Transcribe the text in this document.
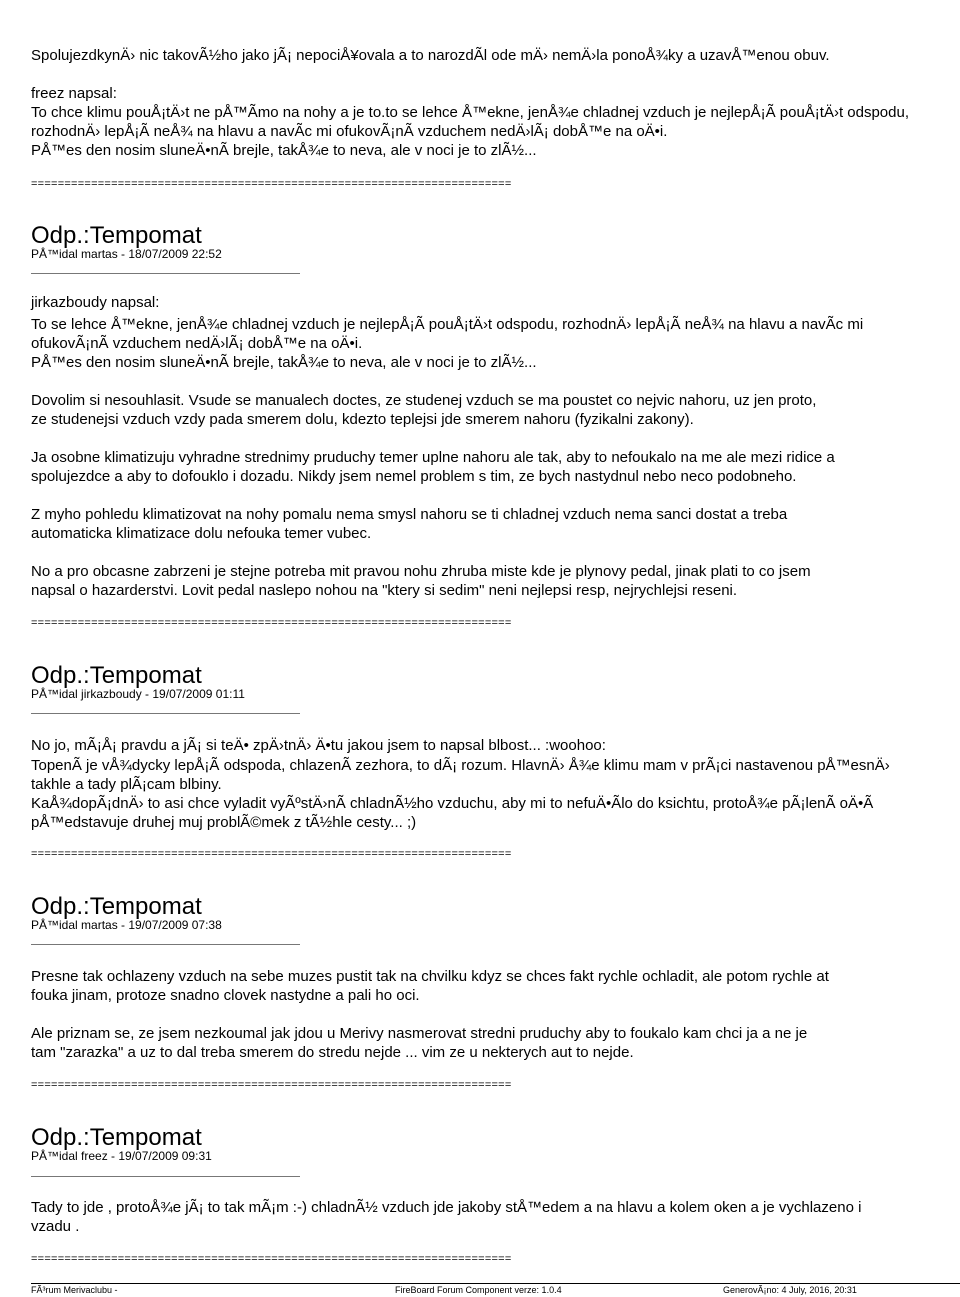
SpolujezdkynÄ› nic takovÃ½ho jako jÃ¡ nepociÅ¥ovala a to narozdÃl ode mÄ› nemÄ›la ponoÅ¾ky a uzavÅ™enou obuv.
freez napsal:
To chce klimu pouÅ¡tÄ›t ne pÅ™Ãmo na nohy a je to.to se lehce Å™ekne, jenÅ¾e chladnej vzduch je nejlepÅ¡Ã pouÅ¡tÄ›t odspodu,
rozhodnÄ› lepÅ¡Ã neÅ¾ na hlavu a navÃc mi ofukovÃ¡nÃ vzduchem nedÄ›lÃ¡ dobÅ™e na oÄ•i.
PÅ™es den nosim sluneÄ•nÃ brejle, takÅ¾e to neva, ale v noci je to zlÃ½...
========================================================================
Odp.:Tempomat
PÅ™idal martas - 18/07/2009 22:52
jirkazboudy napsal:
To se lehce Å™ekne, jenÅ¾e chladnej vzduch je nejlepÅ¡Ã pouÅ¡tÄ›t odspodu, rozhodnÄ› lepÅ¡Ã neÅ¾ na hlavu a navÃc mi
ofukovÃ¡nÃ vzduchem nedÄ›lÃ¡ dobÅ™e na oÄ•i.
PÅ™es den nosim sluneÄ•nÃ brejle, takÅ¾e to neva, ale v noci je to zlÃ½...
Dovolim si nesouhlasit. Vsude se manualech doctes, ze studenej vzduch se ma poustet co nejvic nahoru, uz jen proto,
ze studenejsi vzduch vzdy pada smerem dolu, kdezto teplejsi jde smerem nahoru (fyzikalni zakony).
Ja osobne klimatizuju vyhradne strednimy pruduchy temer uplne nahoru ale tak, aby to nefoukalo na me ale mezi ridice a
spolujezdce a aby to dofouklo i dozadu. Nikdy jsem nemel problem s tim, ze bych nastydnul nebo neco podobneho.
Z myho pohledu klimatizovat na nohy pomalu nema smysl nahoru se ti chladnej vzduch nema sanci dostat a treba
automaticka klimatizace dolu nefouka temer vubec.
No a pro obcasne zabrzeni je stejne potreba mit pravou nohu zhruba miste kde je plynovy pedal, jinak plati to co jsem
napsal o hazarderstvi. Lovit pedal naslepo nohou na "ktery si sedim" neni nejlepsi resp, nejrychlejsi reseni.
========================================================================
Odp.:Tempomat
PÅ™idal jirkazboudy - 19/07/2009 01:11
No jo, mÃ¡Å¡ pravdu a jÃ¡ si teÄ• zpÄ›tnÄ› Ä•tu jakou jsem to napsal blbost... :woohoo:
TopenÃ je vÅ¾dycky lepÅ¡Ã odspoda, chlazenÃ zezhora, to dÃ¡ rozum. HlavnÄ› Å¾e klimu mam v prÃ¡ci nastavenou pÅ™esnÄ›
takhle a tady plÃ¡cam blbiny.
KaÅ¾dopÃ¡dnÄ› to asi chce vyladit vyÃºstÄ›nÃ chladnÃ½ho vzduchu, aby mi to nefuÄ•Ãlo do ksichtu, protoÅ¾e pÃ¡lenÃ oÄ•Ã
pÅ™edstavuje druhej muj problÃ©mek z tÃ½hle cesty... ;)
========================================================================
Odp.:Tempomat
PÅ™idal martas - 19/07/2009 07:38
Presne tak ochlazeny vzduch na sebe muzes pustit tak na chvilku kdyz se chces fakt rychle ochladit, ale potom rychle at
fouka jinam, protoze snadno clovek nastydne a pali ho oci.
Ale priznam se, ze jsem nezkoumal jak jdou u Merivy nasmerovat stredni pruduchy aby to foukalo kam chci ja a ne je
tam "zarazka" a uz to dal treba smerem do stredu nejde ... vim ze u nekterych aut to nejde.
========================================================================
Odp.:Tempomat
PÅ™idal freez - 19/07/2009 09:31
Tady to jde , protoÅ¾e jÃ¡ to tak mÃ¡m :-) chladnÃ½ vzduch jde jakoby stÅ™edem a na hlavu a kolem oken a je vychlazeno i
vzadu .
========================================================================
FÃ³rum Merivaclubu -	FireBoard Forum Component verze: 1.0.4	GenerovÃ¡no: 4 July, 2016, 20:31
